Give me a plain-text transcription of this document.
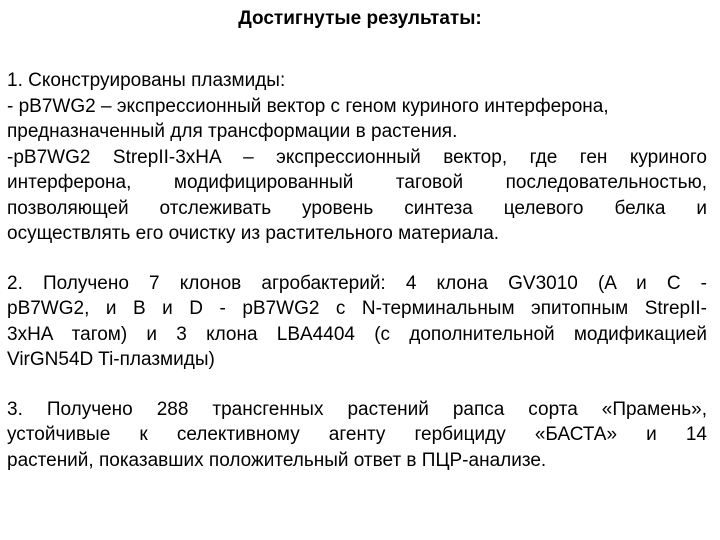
Достигнутые результаты:
1. Сконструированы плазмиды:
- pB7WG2 – экспрессионный вектор с геном куриного интерферона,
предназначенный для трансформации в растения.
-pB7WG2 StrepII-3xHA – экспрессионный вектор, где ген куриного
интерферона, модифицированный таговой последовательностью,
позволяющей отслеживать уровень синтеза целевого белка и
осуществлять его очистку из растительного материала.
2. Получено 7 клонов агробактерий: 4 клона GV3010 (A и C -
pB7WG2, и B и D - pB7WG2 с N-терминальным эпитопным StrepII-
3xHA тагом) и 3 клона LBA4404 (с дополнительной модификацией
VirGN54D Ti-плазмиды)
3. Получено 288 трансгенных растений рапса сорта «Прамень»,
устойчивые к селективному агенту гербициду «БАСТА» и 14
растений, показавших положительный ответ в ПЦР-анализе.
